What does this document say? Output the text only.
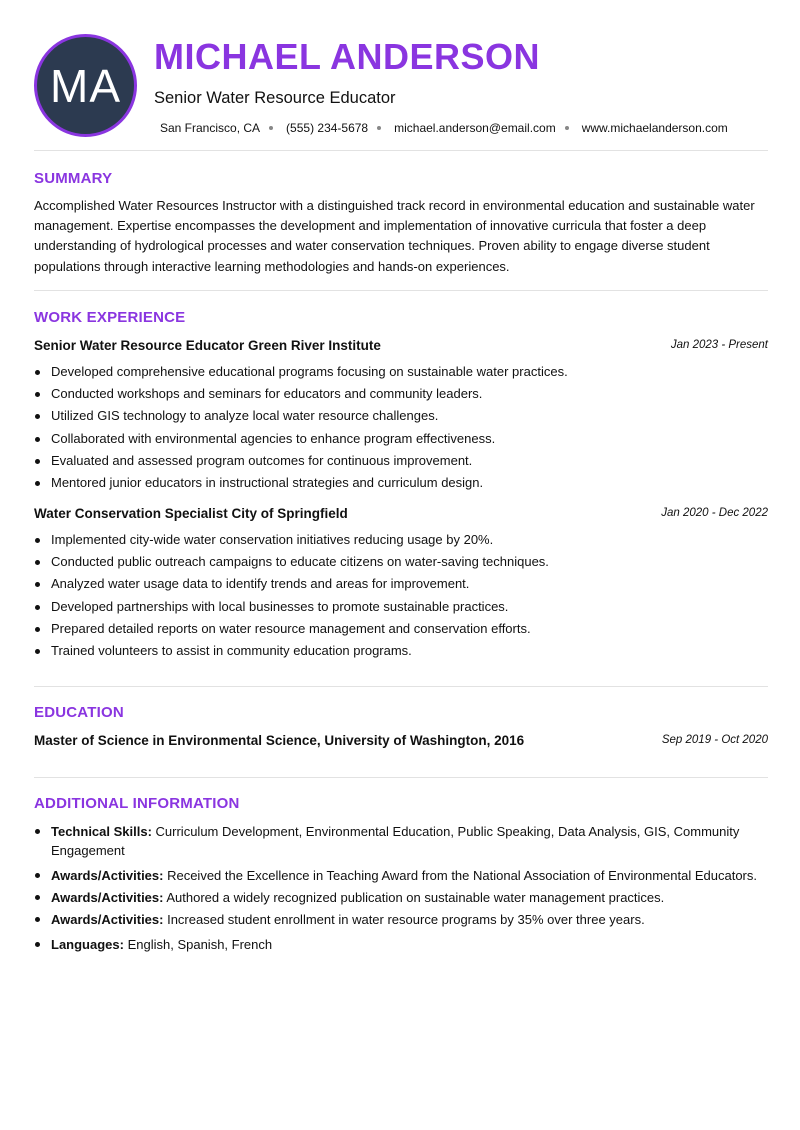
MA
MICHAEL ANDERSON
Senior Water Resource Educator
San Francisco, CA (555) 234-5678 michael.anderson@email.com www.michaelanderson.com
SUMMARY

Accomplished Water Resources Instructor with a distinguished track record in environmental education and sustainable water management. Expertise encompasses the development and implementation of innovative curricula that foster a deep understanding of hydrological processes and water conservation techniques. Proven ability to engage diverse student populations through interactive learning methodologies and hands-on experiences.

WORK EXPERIENCE
Senior Water Resource Educator Green River Institute	Jan 2023 - Present
Developed comprehensive educational programs focusing on sustainable water practices.
Conducted workshops and seminars for educators and community leaders.
Utilized GIS technology to analyze local water resource challenges.
Collaborated with environmental agencies to enhance program effectiveness.
Evaluated and assessed program outcomes for continuous improvement.
Mentored junior educators in instructional strategies and curriculum design.
Water Conservation Specialist City of Springfield	Jan 2020 - Dec 2022
Implemented city-wide water conservation initiatives reducing usage by 20%.
Conducted public outreach campaigns to educate citizens on water-saving techniques.
Analyzed water usage data to identify trends and areas for improvement.
Developed partnerships with local businesses to promote sustainable practices.
Prepared detailed reports on water resource management and conservation efforts.
Trained volunteers to assist in community education programs.
EDUCATION
Master of Science in Environmental Science, University of Washington, 2016	Sep 2019 - Oct 2020
ADDITIONAL INFORMATION
Technical Skills: Curriculum Development, Environmental Education, Public Speaking, Data Analysis, GIS, Community Engagement
Awards/Activities: Received the Excellence in Teaching Award from the National Association of Environmental Educators.
Awards/Activities: Authored a widely recognized publication on sustainable water management practices.
Awards/Activities: Increased student enrollment in water resource programs by 35% over three years.
Languages: English, Spanish, French
